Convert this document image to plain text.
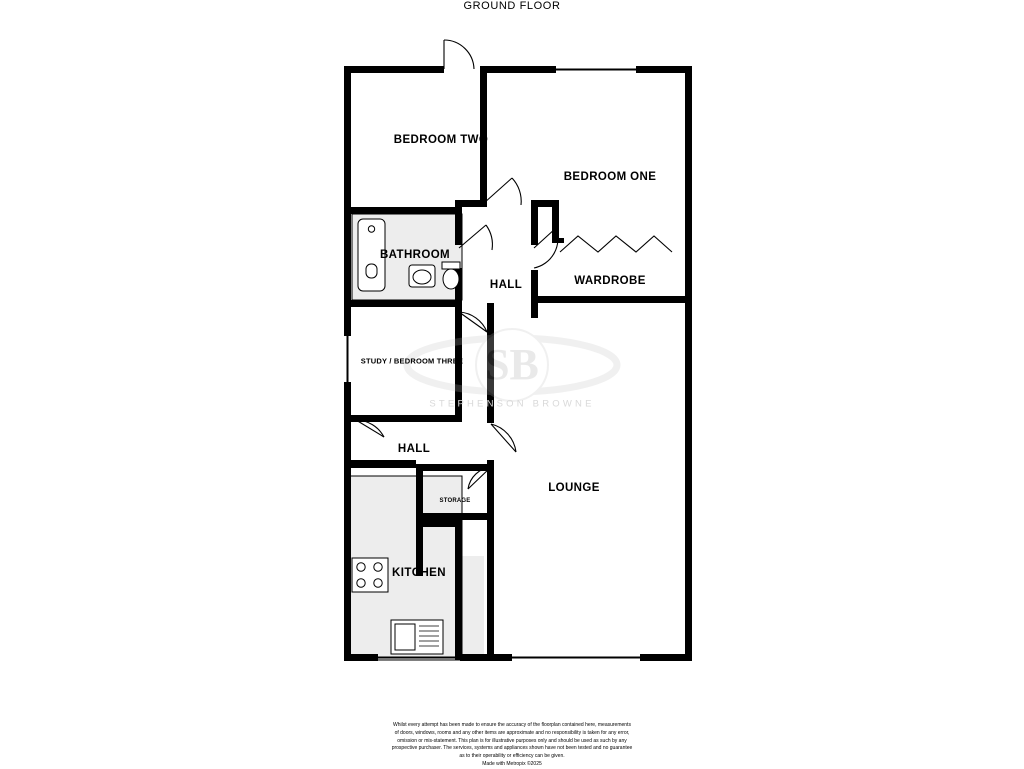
SB
GROUND FLOOR
BEDROOM TWO
BEDROOM ONE
BATHROOM
HALL	WARDROBE
STUDY / BEDROOM THREE
HALL
LOUNGE
STORAGE
KITCHEN
STEPHENSON BROWNE
Whilst every attempt has been made to ensure the accuracy of the floorplan contained here, measurements
of doors, windows, rooms and any other items are approximate and no responsibility is taken for any error,
omission or mis-statement. This plan is for illustrative purposes only and should be used as such by any
prospective purchaser. The services, systems and appliances shown have not been tested and no guarantee
as to their operability or efficiency can be given.
Made with Metropix ©2025
